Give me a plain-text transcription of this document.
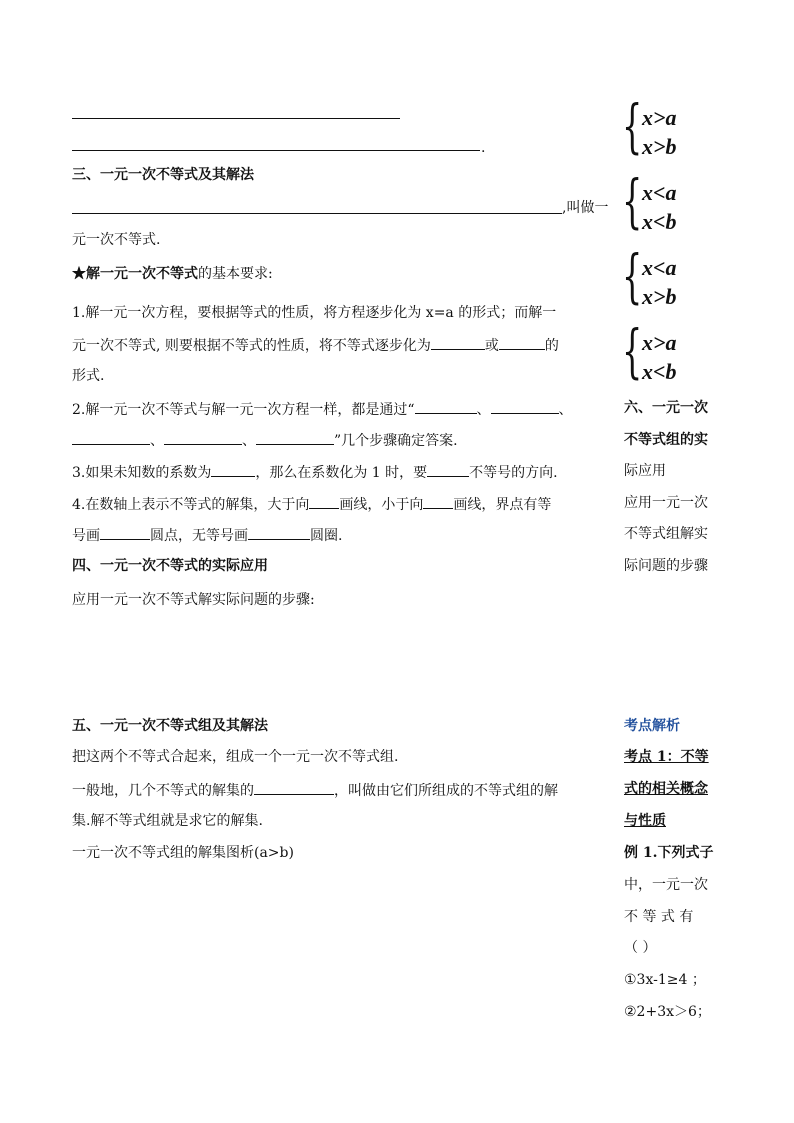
.
三、一元一次不等式及其解法
,叫做一
元一次不等式.
★解一元一次不等式的基本要求:
1.解一元一次方程，要根据等式的性质，将方程逐步化为 x=a 的形式；而解一
元一次不等式, 则要根据不等式的性质，将不等式逐步化为	或	的
形式.
2.解一元一次不等式与解一元一次方程一样，都是通过“	、	、
、	、	”几个步骤确定答案.
3.如果未知数的系数为	，那么在系数化为 1 时，要	不等号的方向.
4.在数轴上表示不等式的解集，大于向 画线，小于向 画线，界点有等
号画	圆点，无等号画	圆圈.
四、一元一次不等式的实际应用
应用一元一次不等式解实际问题的步骤:
五、一元一次不等式组及其解法
把这两个不等式合起来，组成一个一元一次不等式组.
一般地，几个不等式的解集的	，叫做由它们所组成的不等式组的解
集.解不等式组就是求它的解集.
一元一次不等式组的解集图析(a>b)
{ x>a
x>b
{ x<a
x<b
{ x<a
x>b
{ x>a
x<b
六、一元一次
不等式组的实
际应用
应用一元一次
不等式组解实
际问题的步骤
考点解析
考点 1：不等
式的相关概念
与性质
例 1.下列式子
中，一元一次
不 等 式 有
（ ）
①3x-1≥4 ；
②2+3x＞6；
